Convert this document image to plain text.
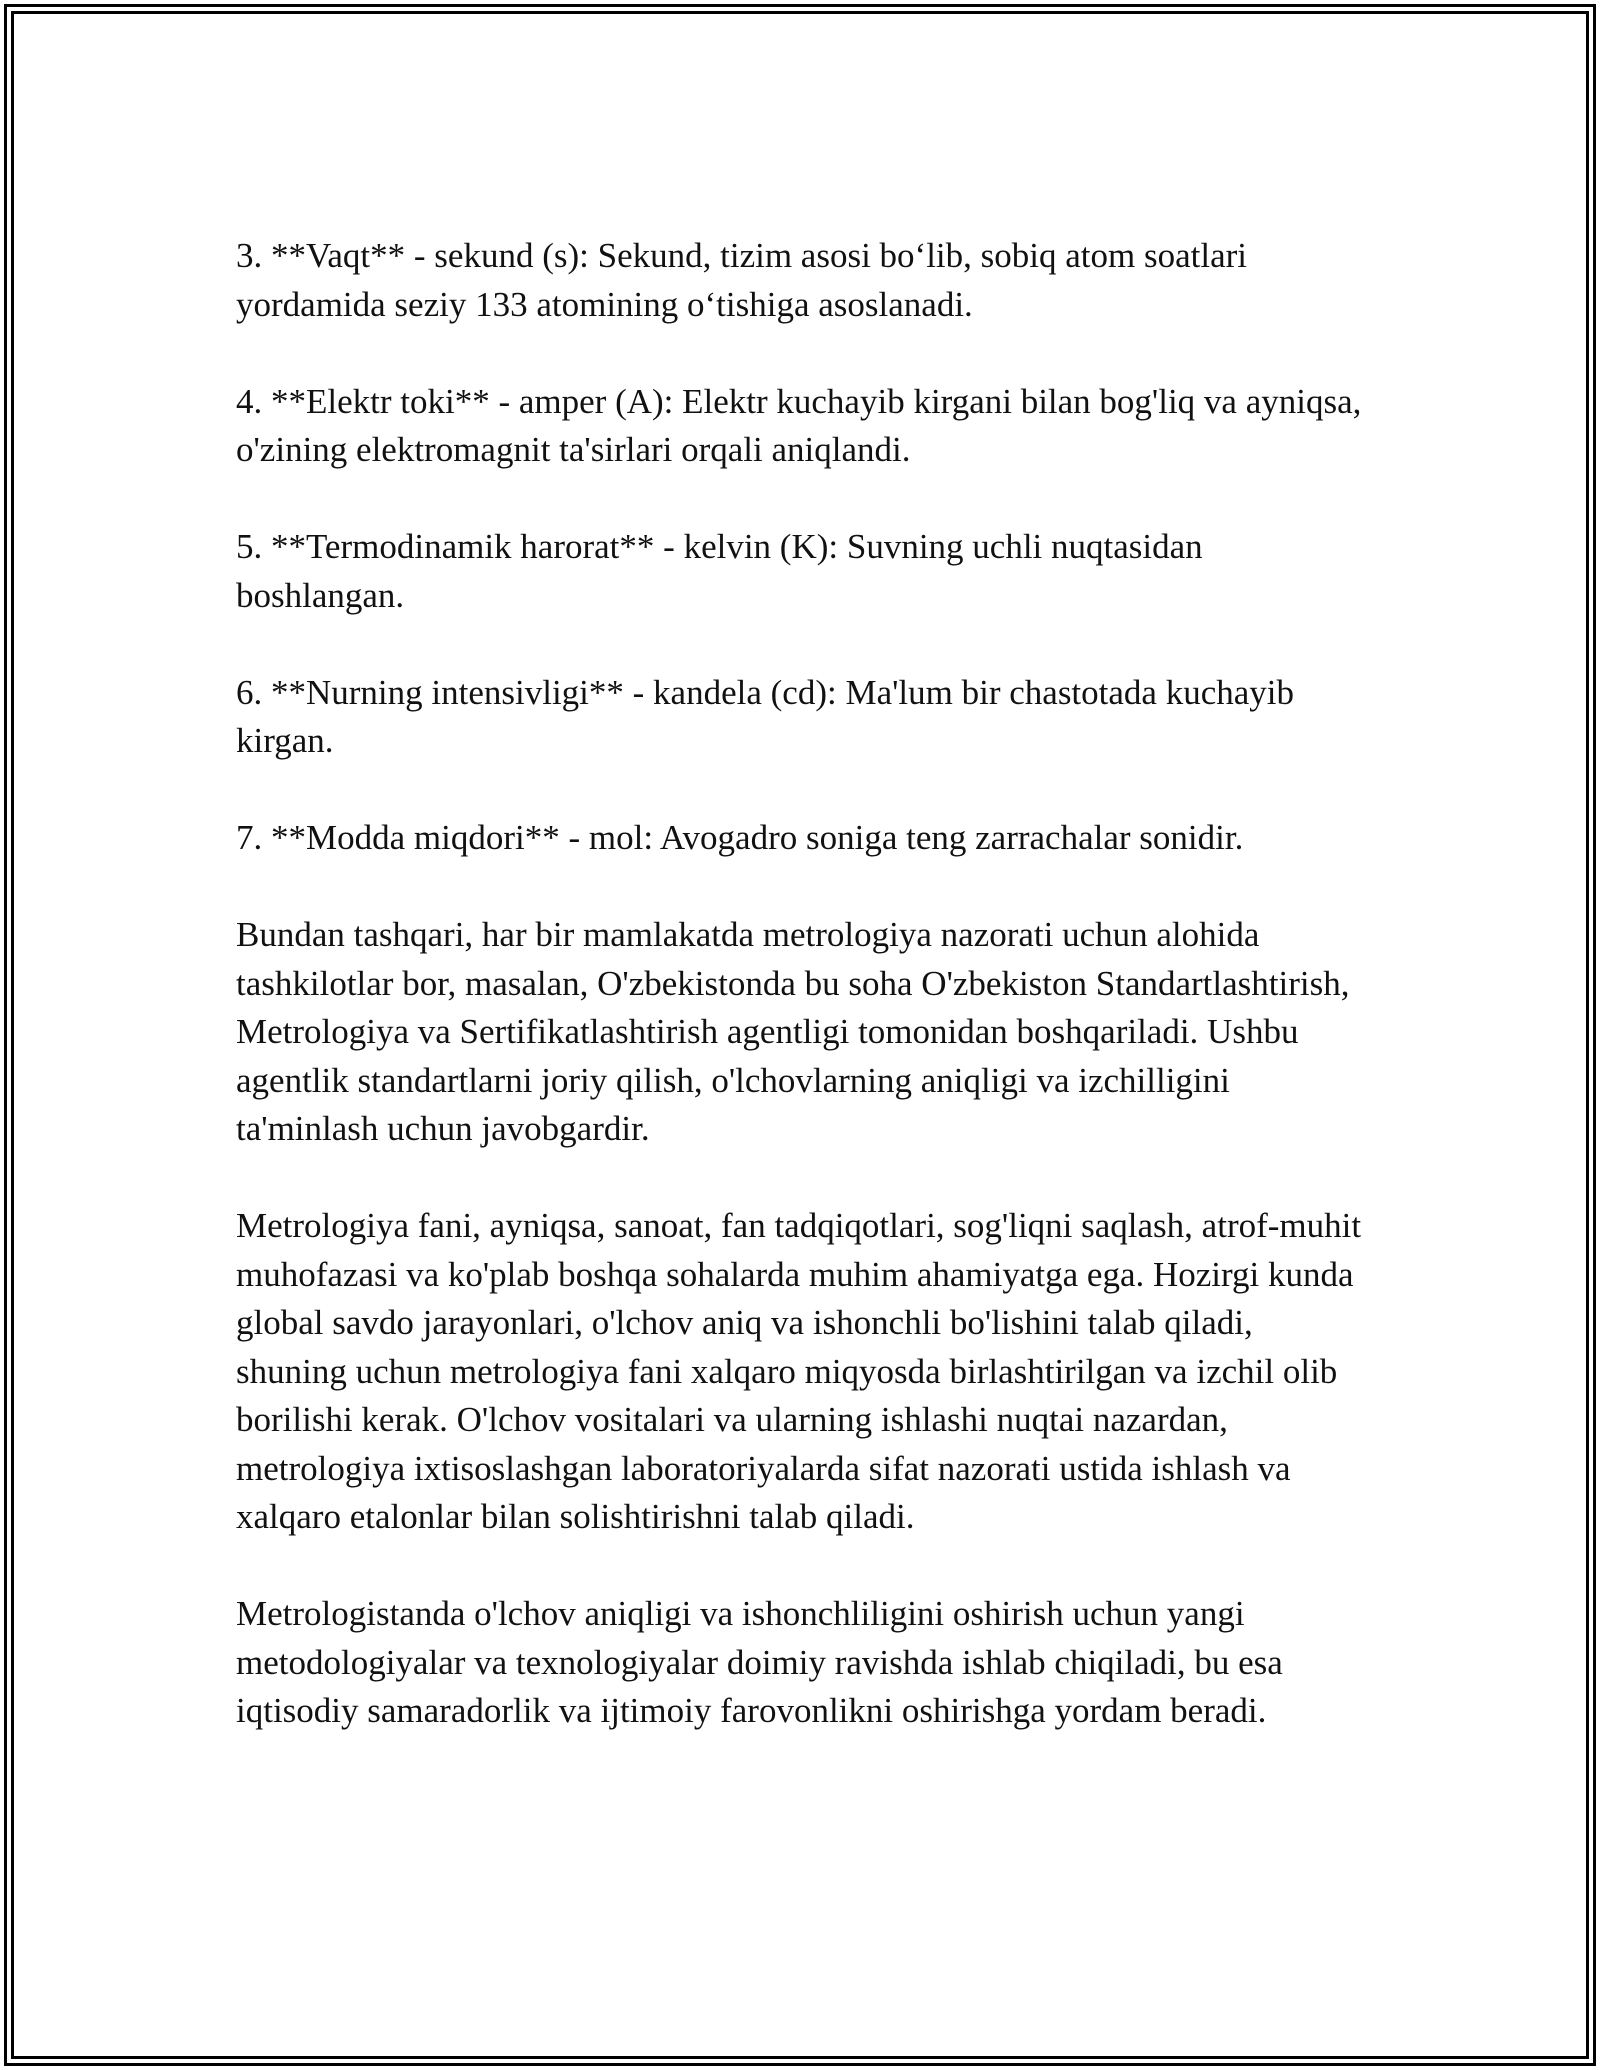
3. **Vaqt** - sekund (s): Sekund, tizim asosi bo‘lib, sobiq atom soatlari yordamida seziy 133 atomining o‘tishiga asoslanadi.

4. **Elektr toki** - amper (A): Elektr kuchayib kirgani bilan bog'liq va ayniqsa, o'zining elektromagnit ta'sirlari orqali aniqlandi.

5. **Termodinamik harorat** - kelvin (K): Suvning uchli nuqtasidan boshlangan.

6. **Nurning intensivligi** - kandela (cd): Ma'lum bir chastotada kuchayib kirgan.

7. **Modda miqdori** - mol: Avogadro soniga teng zarrachalar sonidir.

Bundan tashqari, har bir mamlakatda metrologiya nazorati uchun alohida tashkilotlar bor, masalan, O'zbekistonda bu soha O'zbekiston Standartlashtirish, Metrologiya va Sertifikatlashtirish agentligi tomonidan boshqariladi. Ushbu agentlik standartlarni joriy qilish, o'lchovlarning aniqligi va izchilligini ta'minlash uchun javobgardir.

Metrologiya fani, ayniqsa, sanoat, fan tadqiqotlari, sog'liqni saqlash, atrof-muhit muhofazasi va ko'plab boshqa sohalarda muhim ahamiyatga ega. Hozirgi kunda global savdo jarayonlari, o'lchov aniq va ishonchli bo'lishini talab qiladi, shuning uchun metrologiya fani xalqaro miqyosda birlashtirilgan va izchil olib borilishi kerak. O'lchov vositalari va ularning ishlashi nuqtai nazardan, metrologiya ixtisoslashgan laboratoriyalarda sifat nazorati ustida ishlash va xalqaro etalonlar bilan solishtirishni talab qiladi.

Metrologistanda o'lchov aniqligi va ishonchliligini oshirish uchun yangi metodologiyalar va texnologiyalar doimiy ravishda ishlab chiqiladi, bu esa iqtisodiy samaradorlik va ijtimoiy farovonlikni oshirishga yordam beradi.
